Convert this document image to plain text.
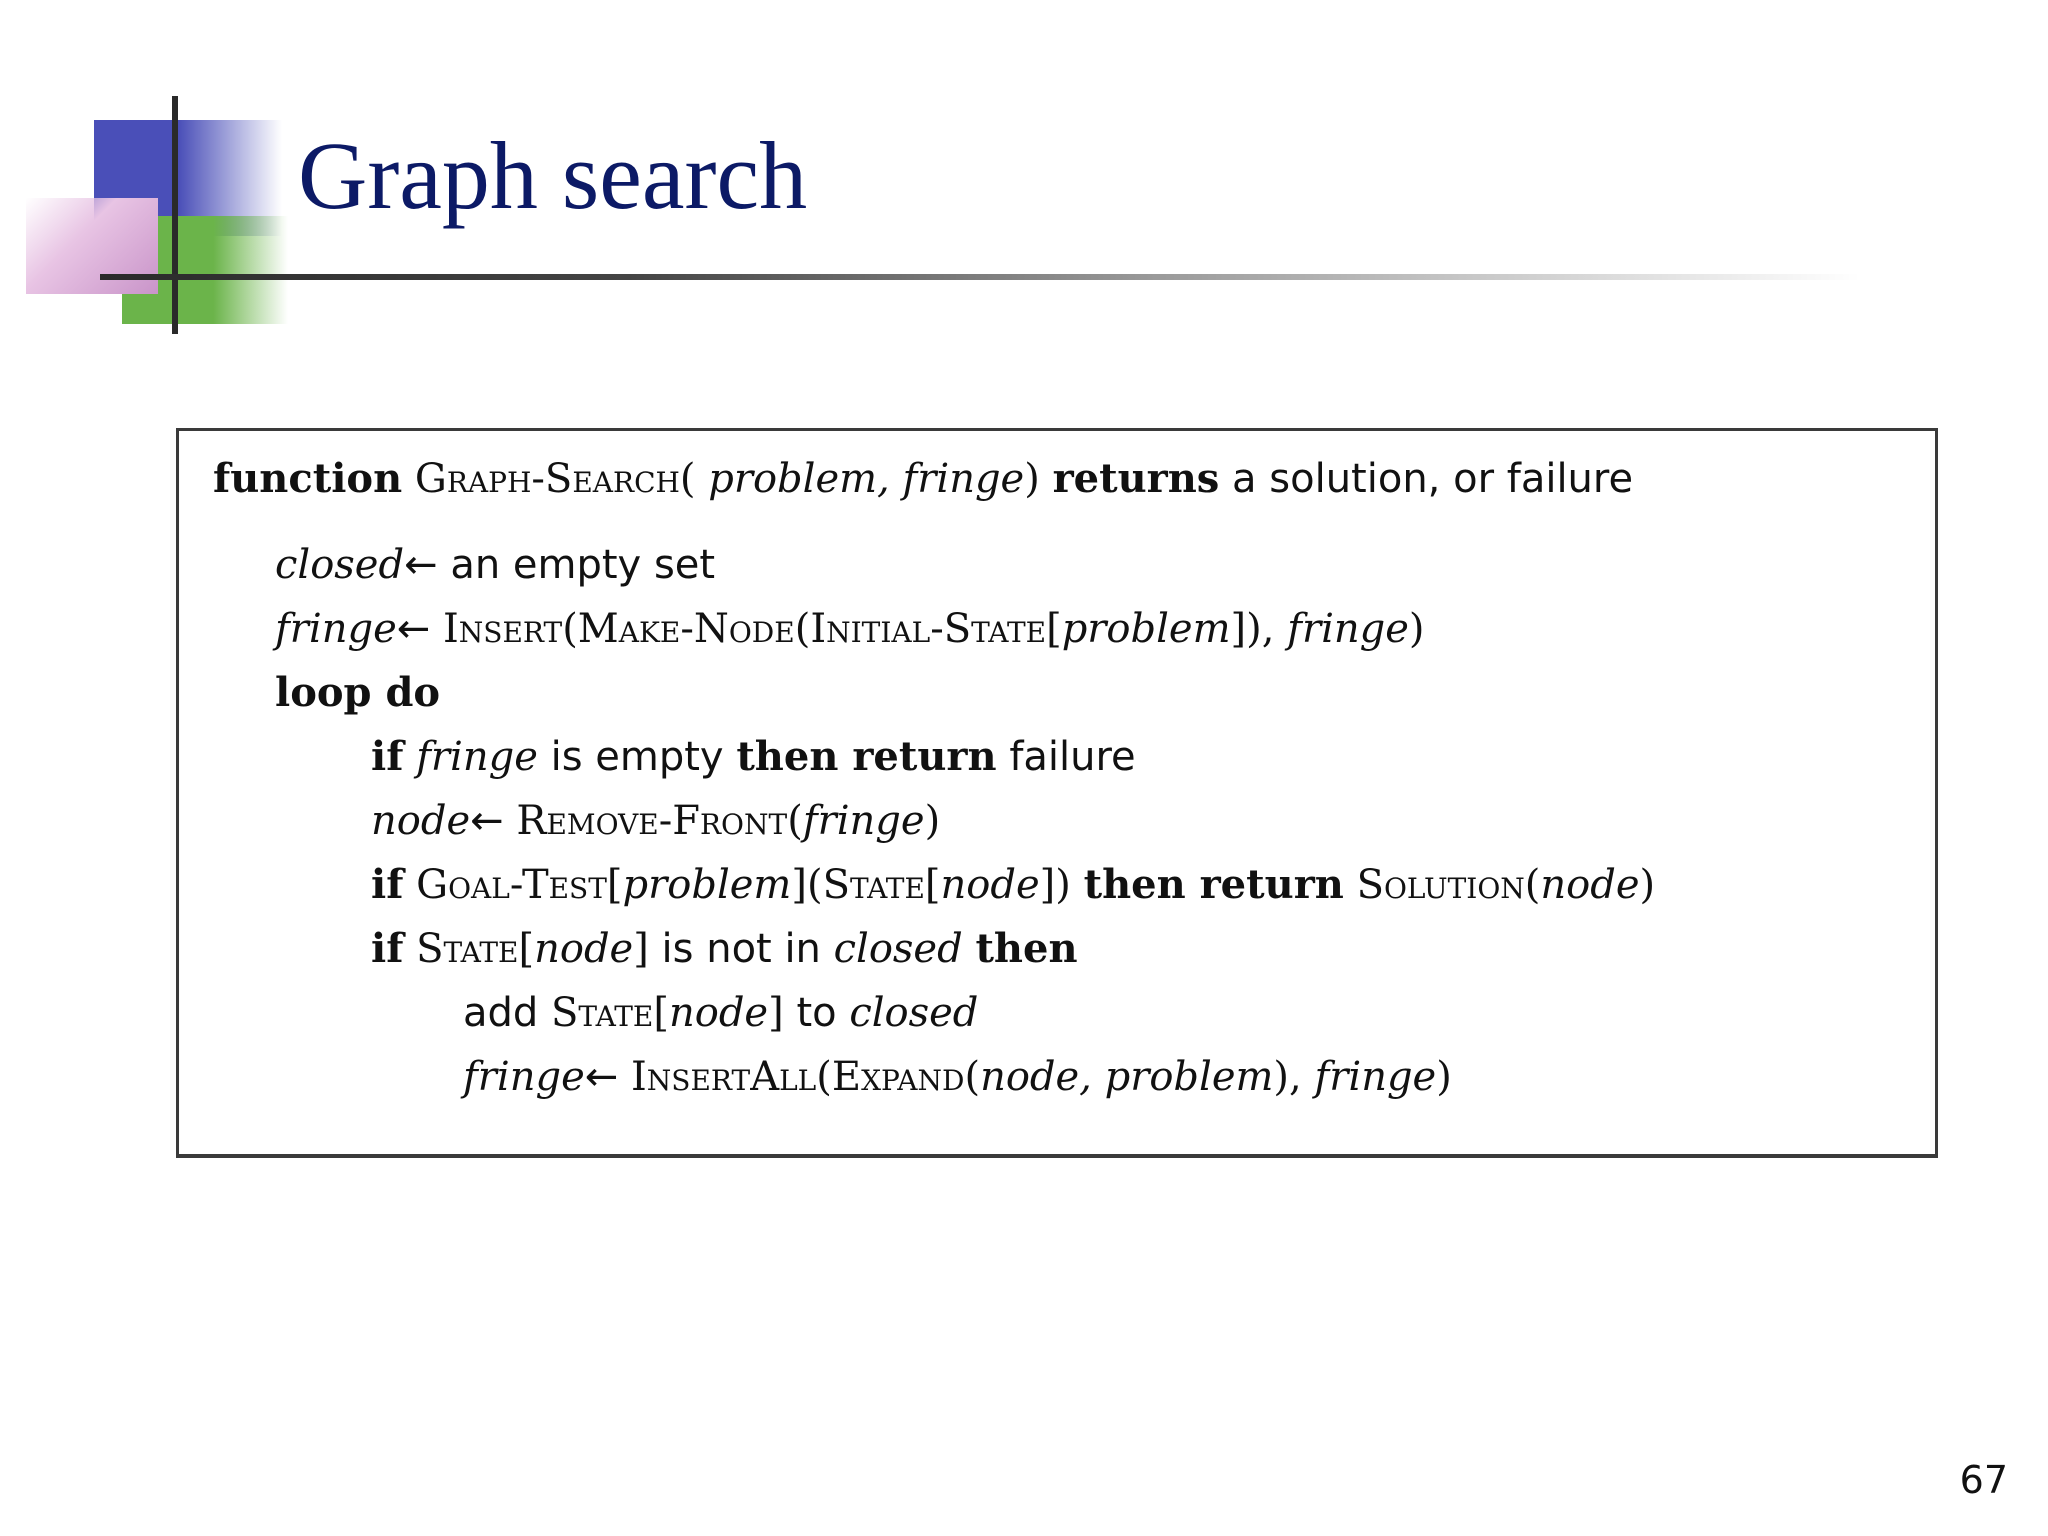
Graph search
function Graph-Search( problem, fringe) returns a solution, or failure
closed← an empty set
fringe← Insert(Make-Node(Initial-State[problem]), fringe)
loop do
if fringe is empty then return failure
node← Remove-Front(fringe)
if Goal-Test[problem](State[node]) then return Solution(node)
if State[node] is not in closed then
add State[node] to closed
fringe← InsertAll(Expand(node, problem), fringe)
67
